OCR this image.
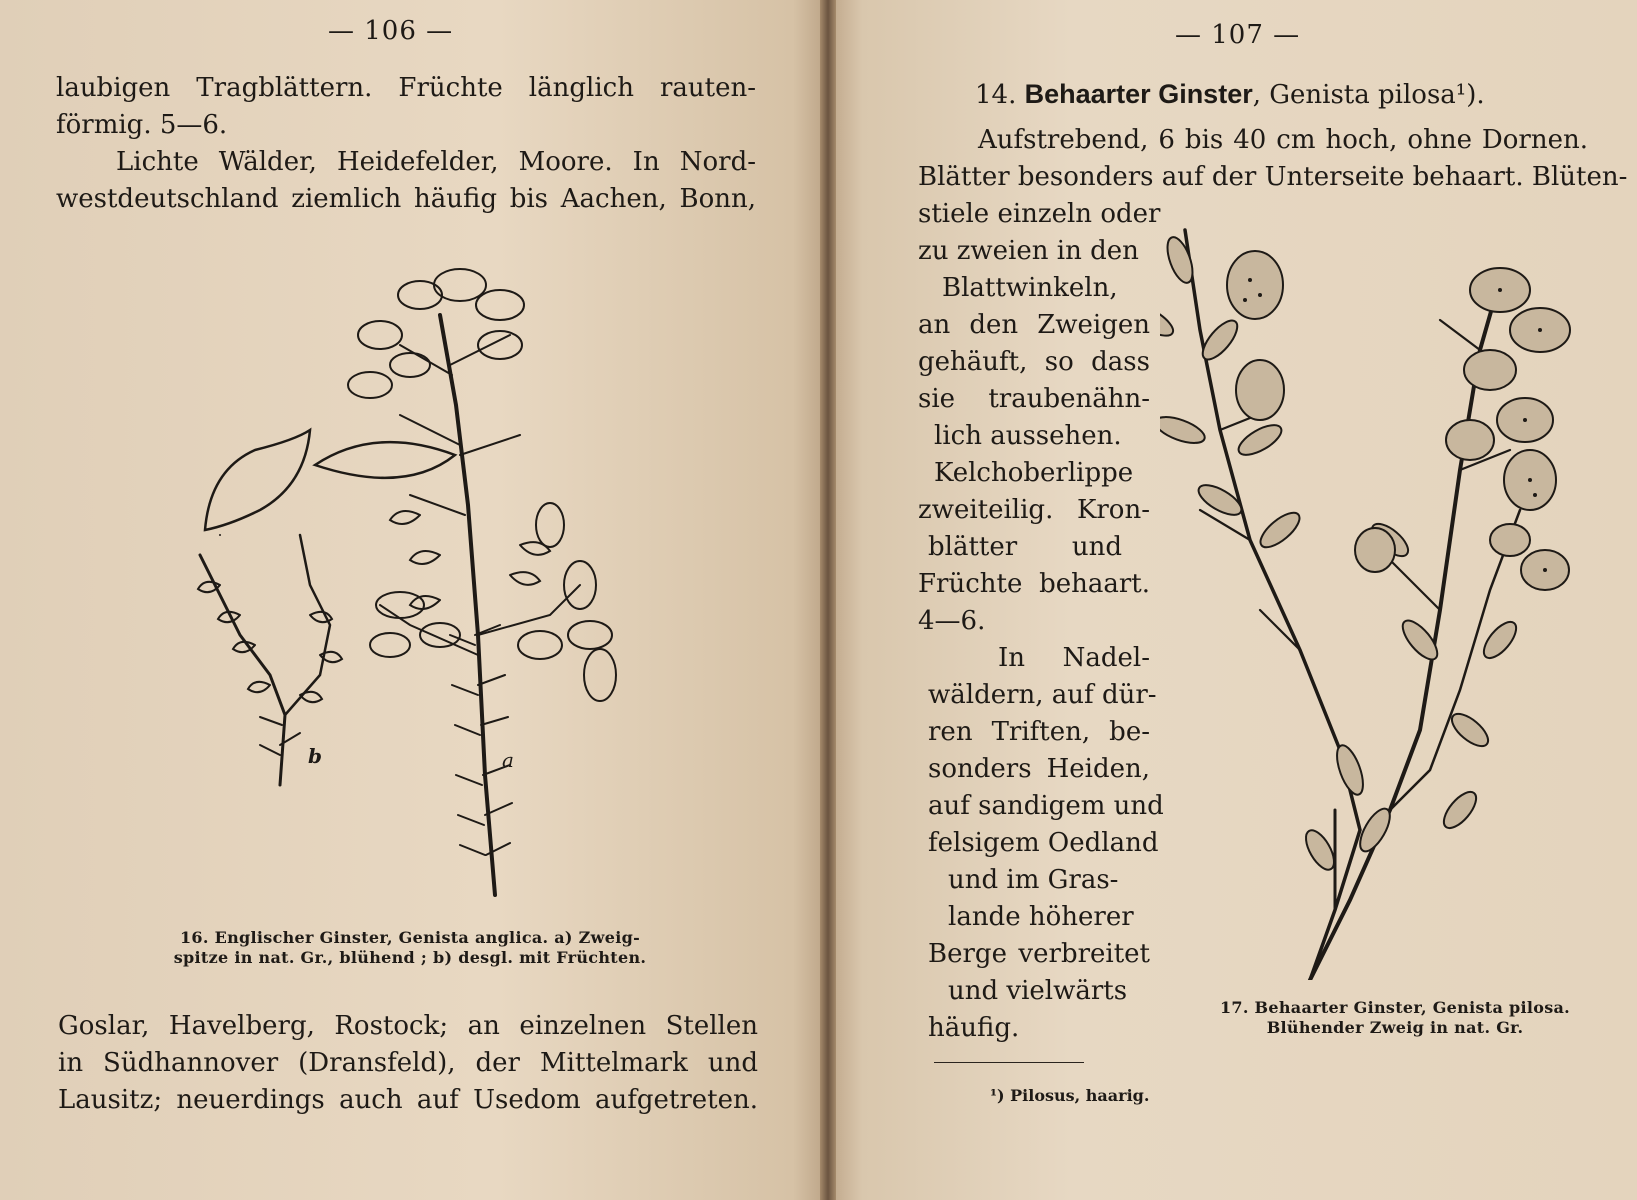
— 106 —
laubigen Tragblättern. Früchte länglich rauten-
förmig. 5—6.
Lichte Wälder, Heidefelder, Moore. In Nord-
westdeutschland ziemlich häufig bis Aachen, Bonn,
b	a
16. Englischer Ginster, Genista anglica. a) Zweig-
spitze in nat. Gr., blühend ; b) desgl. mit Früchten.
Goslar, Havelberg, Rostock; an einzelnen Stellen
in Südhannover (Dransfeld), der Mittelmark und
Lausitz; neuerdings auch auf Usedom aufgetreten.
— 107 —
14. Behaarter Ginster, Genista pilosa¹).
Aufstrebend, 6 bis 40 cm hoch, ohne Dornen.
Blätter besonders auf der Unterseite behaart. Blüten-
stiele einzeln oder
zu zweien in den
Blattwinkeln,
an den Zweigen
gehäuft, so dass
sie traubenähn-
lich aussehen.
Kelchoberlippe
zweiteilig. Kron-
blätter und
Früchte behaart.
4—6.
In Nadel-
wäldern, auf dür-
ren Triften, be-
sonders Heiden,
auf sandigem und
felsigem Oedland
und im Gras-
lande höherer
Berge verbreitet
und vielwärts
häufig.
17. Behaarter Ginster, Genista pilosa.
Blühender Zweig in nat. Gr.
¹) Pilosus, haarig.
